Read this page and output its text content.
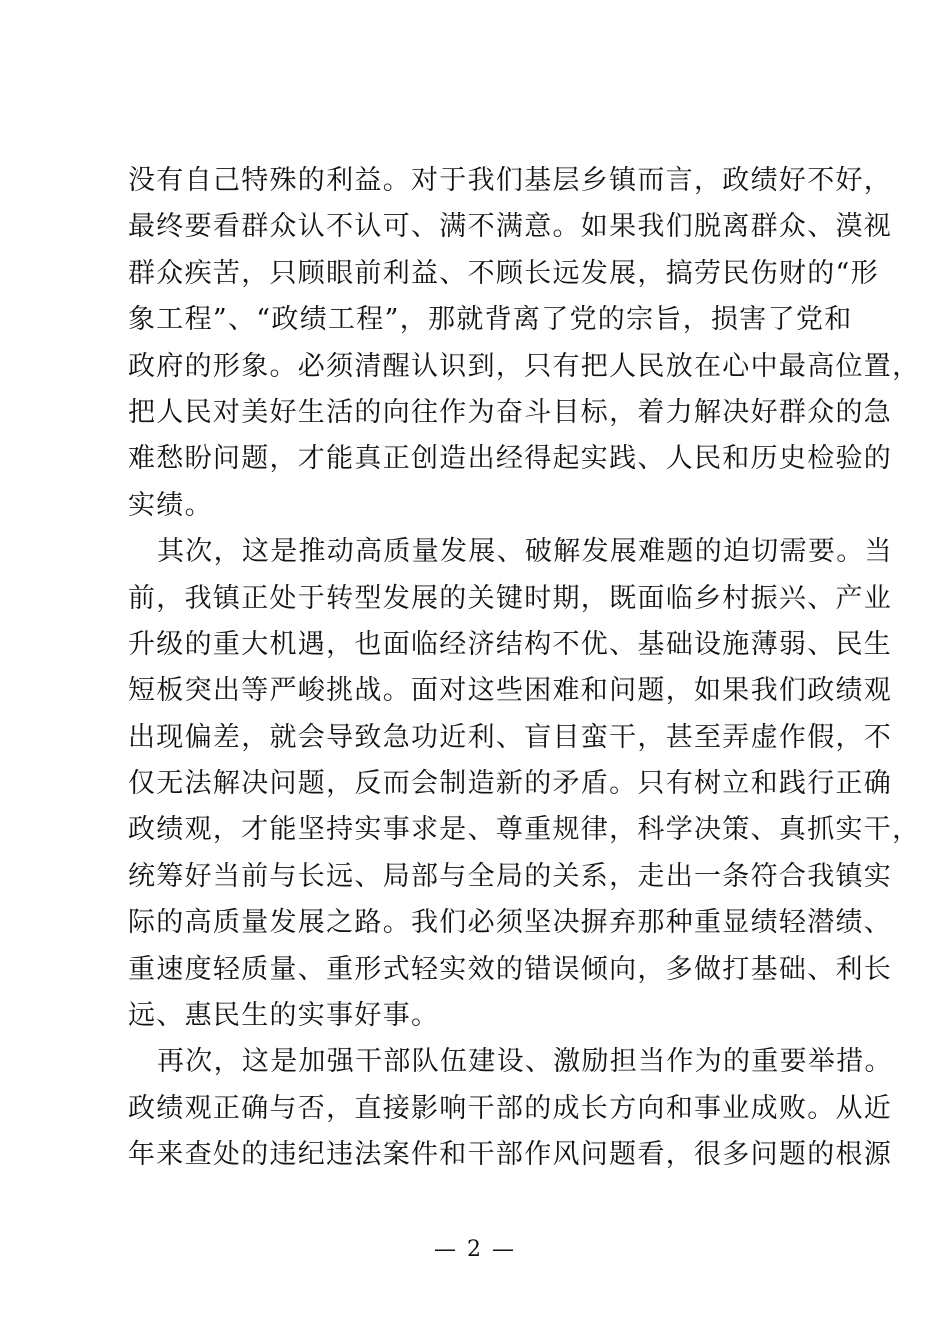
没有自己特殊的利益。对于我们基层乡镇而言，政绩好不好，
最终要看群众认不认可、满不满意。如果我们脱离群众、漠视
群众疾苦，只顾眼前利益、不顾长远发展，搞劳民伤财的“形
象工程”、“政绩工程”，那就背离了党的宗旨，损害了党和
政府的形象。必须清醒认识到，只有把人民放在心中最高位置，
把人民对美好生活的向往作为奋斗目标，着力解决好群众的急
难愁盼问题，才能真正创造出经得起实践、人民和历史检验的
实绩。
其次，这是推动高质量发展、破解发展难题的迫切需要。当
前，我镇正处于转型发展的关键时期，既面临乡村振兴、产业
升级的重大机遇，也面临经济结构不优、基础设施薄弱、民生
短板突出等严峻挑战。面对这些困难和问题，如果我们政绩观
出现偏差，就会导致急功近利、盲目蛮干，甚至弄虚作假，不
仅无法解决问题，反而会制造新的矛盾。只有树立和践行正确
政绩观，才能坚持实事求是、尊重规律，科学决策、真抓实干，
统筹好当前与长远、局部与全局的关系，走出一条符合我镇实
际的高质量发展之路。我们必须坚决摒弃那种重显绩轻潜绩、
重速度轻质量、重形式轻实效的错误倾向，多做打基础、利长
远、惠民生的实事好事。
再次，这是加强干部队伍建设、激励担当作为的重要举措。
政绩观正确与否，直接影响干部的成长方向和事业成败。从近
年来查处的违纪违法案件和干部作风问题看，很多问题的根源
— 2 —
